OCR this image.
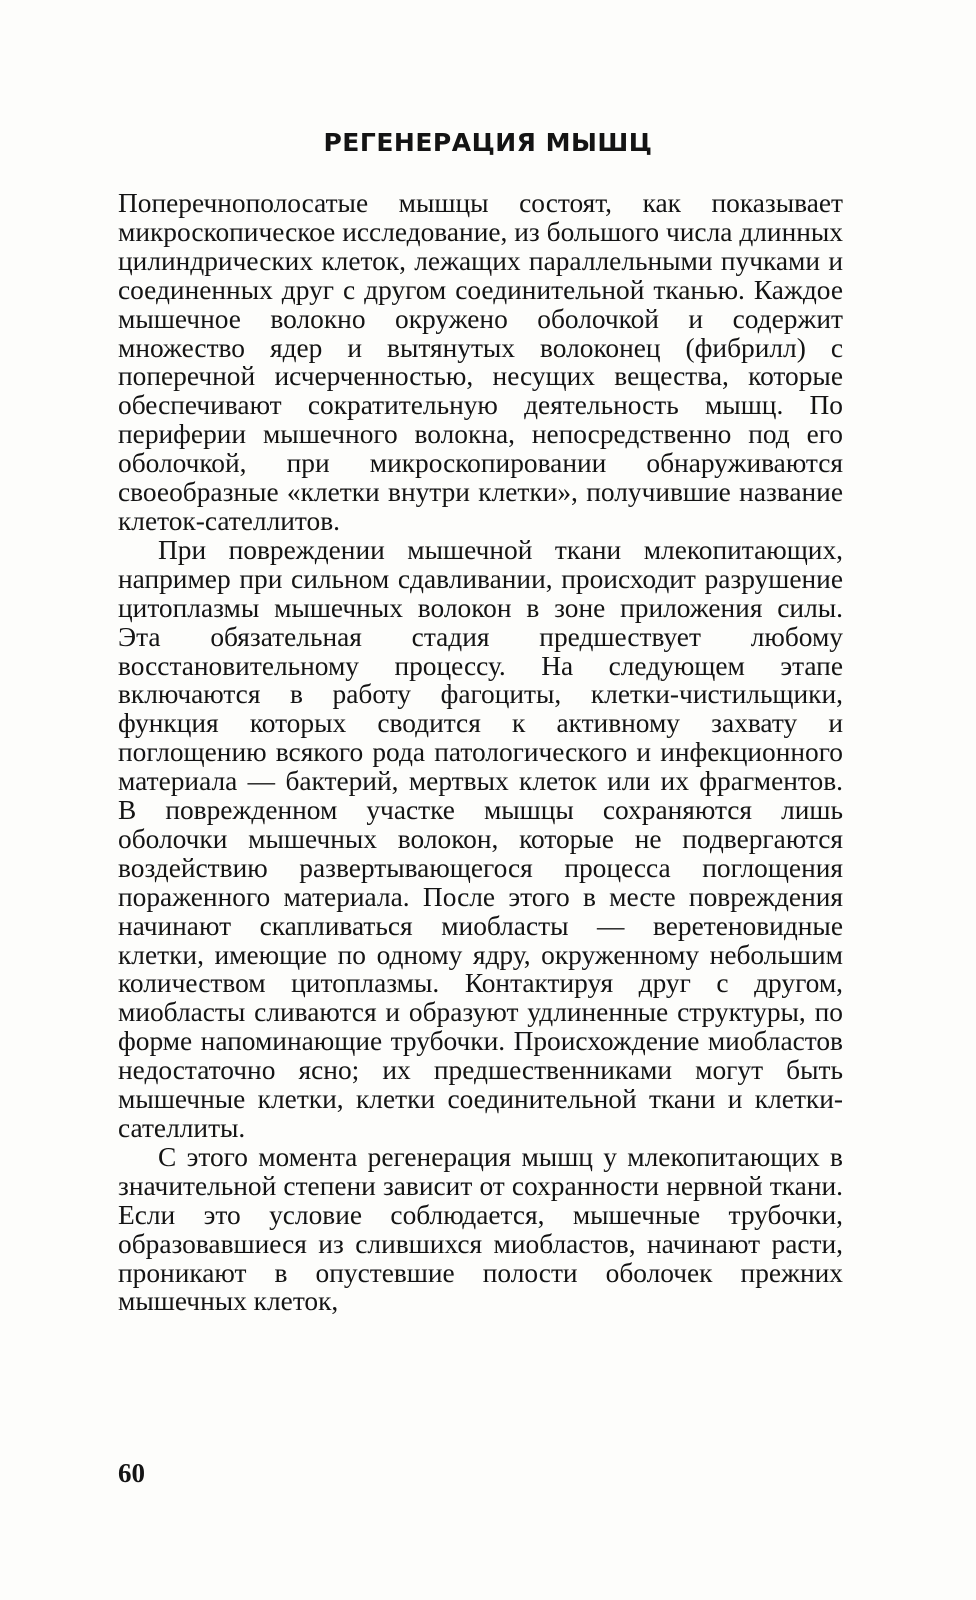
РЕГЕНЕРАЦИЯ МЫШЦ

Поперечнополосатые мышцы состоят, как показывает микроскопическое исследование, из большого числа длинных цилиндрических клеток, лежащих параллельными пучками и соединенных друг с другом соединительной тканью. Каждое мышечное волокно окружено оболочкой и содержит множество ядер и вытянутых волоконец (фибрилл) с поперечной исчерченностью, несущих вещества, которые обеспечивают сократительную деятельность мышц. По периферии мышечного волокна, непосредственно под его оболочкой, при микроскопировании обнаруживаются своеобразные «клетки внутри клетки», получившие название клеток-сателлитов.

При повреждении мышечной ткани млекопитающих, например при сильном сдавливании, происходит разрушение цитоплазмы мышечных волокон в зоне приложения силы. Эта обязательная стадия предшествует любому восстановительному процессу. На следующем этапе включаются в работу фагоциты, клетки-чистильщики, функция которых сводится к активному захвату и поглощению всякого рода патологического и инфекционного материала — бактерий, мертвых клеток или их фрагментов. В поврежденном участке мышцы сохраняются лишь оболочки мышечных волокон, которые не подвергаются воздействию развертывающегося процесса поглощения пораженного материала. После этого в месте повреждения начинают скапливаться миобласты — веретеновидные клетки, имеющие по одному ядру, окруженному небольшим количеством цитоплазмы. Контактируя друг с другом, миобласты сливаются и образуют удлиненные структуры, по форме напоминающие трубочки. Происхождение миобластов недостаточно ясно; их предшественниками могут быть мышечные клетки, клетки соединительной ткани и клетки-сателлиты.

С этого момента регенерация мышц у млекопитающих в значительной степени зависит от сохранности нервной ткани. Если это условие соблюдается, мышечные трубочки, образовавшиеся из слившихся миобластов, начинают расти, проникают в опустевшие полости оболочек прежних мышечных клеток,

60
